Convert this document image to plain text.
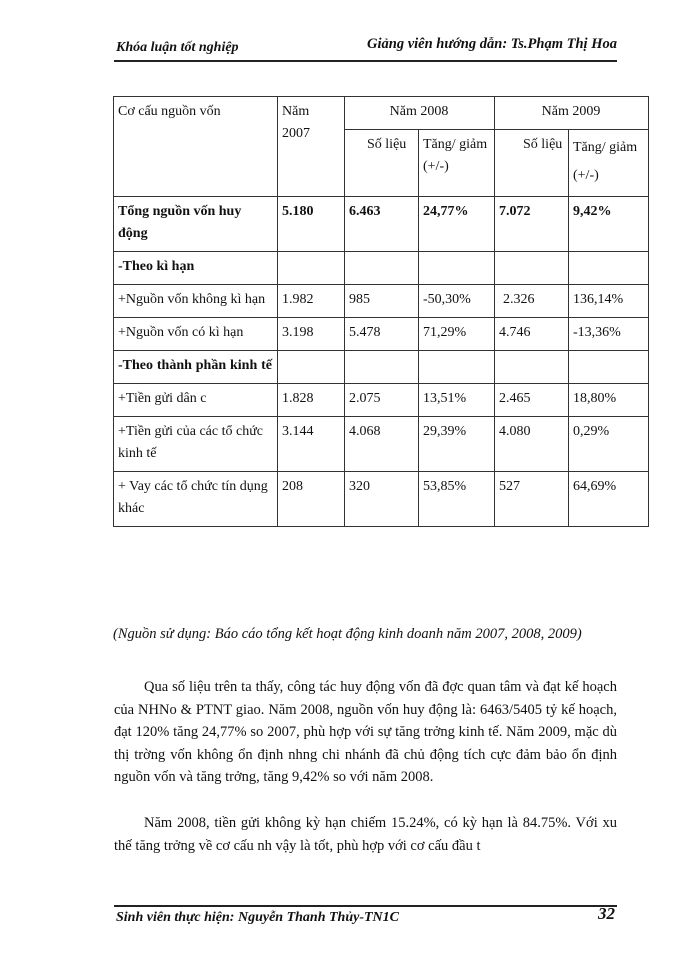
Khóa luận tốt nghiệp	Giảng viên hướng dẫn: Ts.Phạm Thị Hoa
Cơ cấu nguồn vốn	Năm 2007	Năm 2008		Năm 2009	
		Số liệu	Tăng/ giảm (+/-)	Số liệu	Tăng/ giảm (+/-)
Tổng nguồn vốn huy động	5.180	6.463	24,77%	7.072	9,42%
-Theo kì hạn					
+Nguồn vốn không kì hạn	1.982	985	-50,30%	2.326	136,14%
+Nguồn vốn có kì hạn	3.198	5.478	71,29%	4.746	-13,36%
-Theo thành phần kinh tế					
+Tiền gửi dân c	1.828	2.075	13,51%	2.465	18,80%
+Tiền gửi của các tổ chức kinh tế	3.144	4.068	29,39%	4.080	0,29%
+ Vay các tổ chức tín dụng khác	208	320	53,85%	527	64,69%
(Nguồn sử dụng: Báo cáo tổng kết hoạt động kinh doanh năm 2007, 2008, 2009)

Qua số liệu trên ta thấy, công tác huy động vốn đã đợc quan tâm và đạt kế hoạch của NHNo & PTNT giao. Năm 2008, nguồn vốn huy động là: 6463/5405 tỷ kế hoạch, đạt 120% tăng 24,77% so 2007, phù hợp với sự tăng trởng kinh tế. Năm 2009, mặc dù thị trờng vốn không ổn định nhng chi nhánh đã chủ động tích cực đảm bảo ổn định nguồn vốn và tăng trởng, tăng 9,42% so với năm 2008.

Năm 2008, tiền gửi không kỳ hạn chiếm 15.24%, có kỳ hạn là 84.75%. Với xu thế tăng trởng về cơ cấu nh vậy là tốt, phù hợp với cơ cấu đầu t

Sinh viên thực hiện: Nguyễn Thanh Thủy-TN1C	32
